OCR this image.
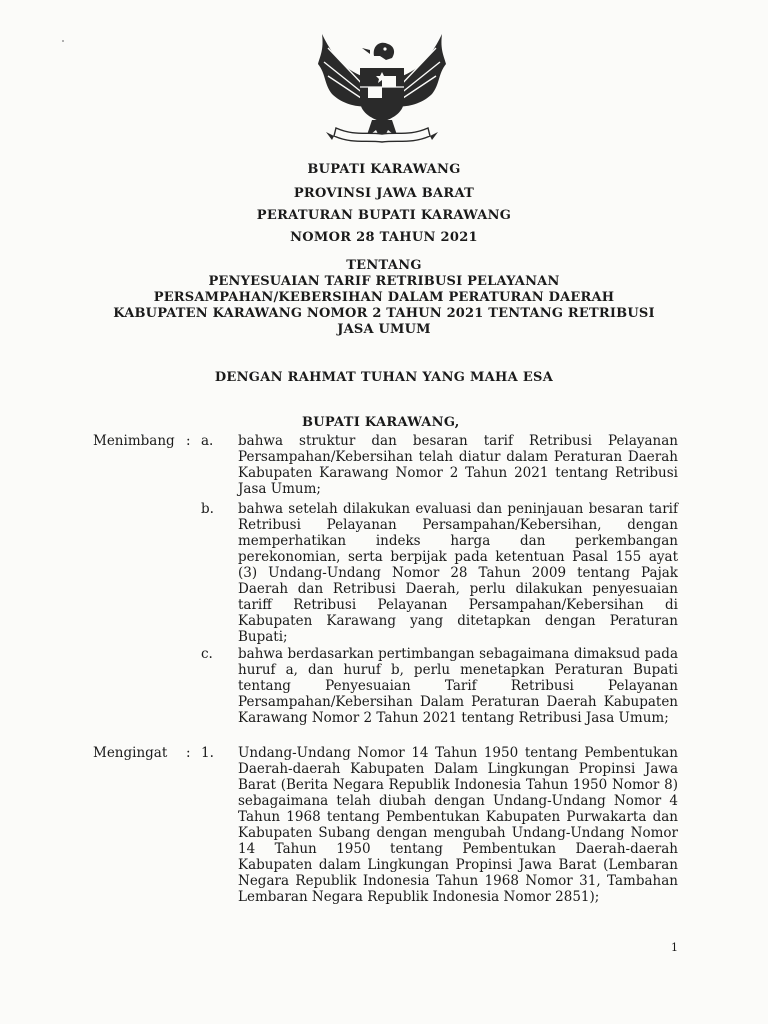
BUPATI KARAWANG
PROVINSI JAWA BARAT
PERATURAN BUPATI KARAWANG
NOMOR 28 TAHUN 2021
TENTANG
PENYESUAIAN TARIF RETRIBUSI PELAYANAN
PERSAMPAHAN/KEBERSIHAN DALAM PERATURAN DAERAH
KABUPATEN KARAWANG NOMOR 2 TAHUN 2021 TENTANG RETRIBUSI
JASA UMUM
DENGAN RAHMAT TUHAN YANG MAHA ESA
BUPATI KARAWANG,
Menimbang : a. bahwa struktur dan besaran tarif Retribusi Pelayanan Persampahan/Kebersihan telah diatur dalam Peraturan Daerah Kabupaten Karawang Nomor 2 Tahun 2021 tentang Retribusi Jasa Umum;
b. bahwa setelah dilakukan evaluasi dan peninjauan besaran tarif Retribusi Pelayanan Persampahan/Kebersihan, dengan memperhatikan indeks harga dan perkembangan perekonomian, serta berpijak pada ketentuan Pasal 155 ayat (3) Undang-Undang Nomor 28 Tahun 2009 tentang Pajak Daerah dan Retribusi Daerah, perlu dilakukan penyesuaian tariff Retribusi Pelayanan Persampahan/Kebersihan di Kabupaten Karawang yang ditetapkan dengan Peraturan Bupati;
c. bahwa berdasarkan pertimbangan sebagaimana dimaksud pada huruf a, dan huruf b, perlu menetapkan Peraturan Bupati tentang Penyesuaian Tarif Retribusi Pelayanan Persampahan/Kebersihan Dalam Peraturan Daerah Kabupaten Karawang Nomor 2 Tahun 2021 tentang Retribusi Jasa Umum;
Mengingat : 1. Undang-Undang Nomor 14 Tahun 1950 tentang Pembentukan Daerah-daerah Kabupaten Dalam Lingkungan Propinsi Jawa Barat (Berita Negara Republik Indonesia Tahun 1950 Nomor 8) sebagaimana telah diubah dengan Undang-Undang Nomor 4 Tahun 1968 tentang Pembentukan Kabupaten Purwakarta dan Kabupaten Subang dengan mengubah Undang-Undang Nomor 14 Tahun 1950 tentang Pembentukan Daerah-daerah Kabupaten dalam Lingkungan Propinsi Jawa Barat (Lembaran Negara Republik Indonesia Tahun 1968 Nomor 31, Tambahan Lembaran Negara Republik Indonesia Nomor 2851);
1
